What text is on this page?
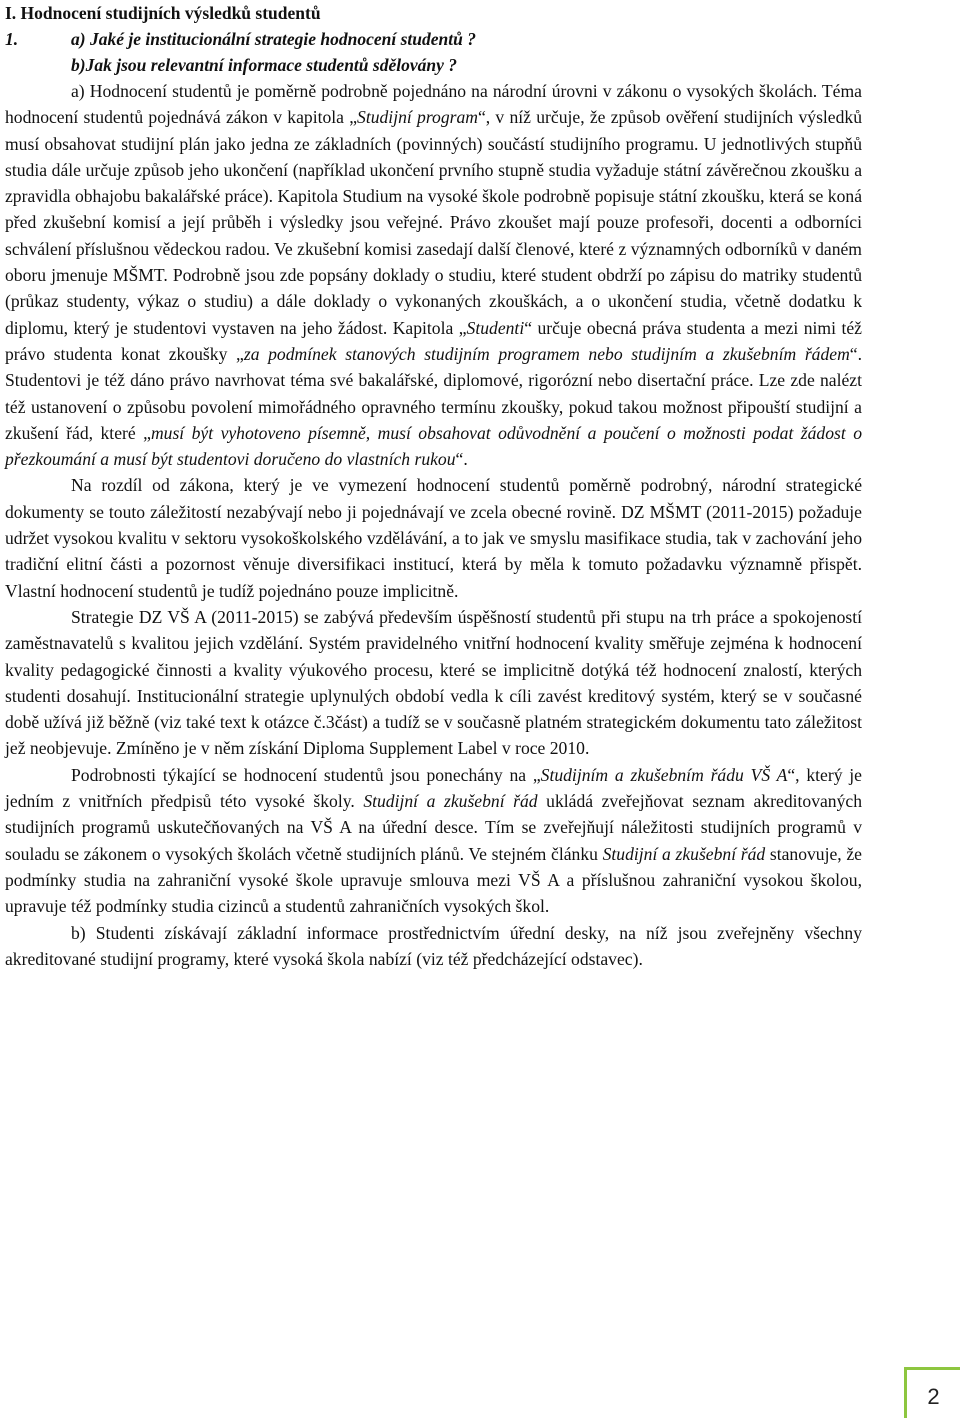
I. Hodnocení studijních výsledků studentů
1.	a) Jaké je institucionální strategie hodnocení studentů ?
b)Jak jsou relevantní informace studentů sdělovány ?

a) Hodnocení studentů je poměrně podrobně pojednáno na národní úrovni v zákonu o vysokých školách. Téma hodnocení studentů pojednává zákon v kapitola „Studijní program“, v níž určuje, že způsob ověření studijních výsledků musí obsahovat studijní plán jako jedna ze základních (povinných) součástí studijního programu. U jednotlivých stupňů studia dále určuje způsob jeho ukončení (například ukončení prvního stupně studia vyžaduje státní závěrečnou zkoušku a zpravidla obhajobu bakalářské práce). Kapitola Studium na vysoké škole podrobně popisuje státní zkoušku, která se koná před zkušební komisí a její průběh i výsledky jsou veřejné. Právo zkoušet mají pouze profesoři, docenti a odborníci schválení příslušnou vědeckou radou. Ve zkušební komisi zasedají další členové, které z významných odborníků v daném oboru jmenuje MŠMT. Podrobně jsou zde popsány doklady o studiu, které student obdrží po zápisu do matriky studentů (průkaz studenty, výkaz o studiu) a dále doklady o vykonaných zkouškách, a o ukončení studia, včetně dodatku k diplomu, který je studentovi vystaven na jeho žádost. Kapitola „Studenti“ určuje obecná práva studenta a mezi nimi též právo studenta konat zkoušky „za podmínek stanových studijním programem nebo studijním a zkušebním řádem“. Studentovi je též dáno právo navrhovat téma své bakalářské, diplomové, rigorózní nebo disertační práce. Lze zde nalézt též ustanovení o způsobu povolení mimořádného opravného termínu zkoušky, pokud takou možnost připouští studijní a zkušení řád, které „musí být vyhotoveno písemně, musí obsahovat odůvodnění a poučení o možnosti podat žádost o přezkoumání a musí být studentovi doručeno do vlastních rukou“.

Na rozdíl od zákona, který je ve vymezení hodnocení studentů poměrně podrobný, národní strategické dokumenty se touto záležitostí nezabývají nebo ji pojednávají ve zcela obecné rovině. DZ MŠMT (2011-2015) požaduje udržet vysokou kvalitu v sektoru vysokoškolského vzdělávání, a to jak ve smyslu masifikace studia, tak v zachování jeho tradiční elitní části a pozornost věnuje diversifikaci institucí, která by měla k tomuto požadavku významně přispět. Vlastní hodnocení studentů je tudíž pojednáno pouze implicitně.

Strategie DZ VŠ A (2011-2015) se zabývá především úspěšností studentů při stupu na trh práce a spokojeností zaměstnavatelů s kvalitou jejich vzdělání. Systém pravidelného vnitřní hodnocení kvality směřuje zejména k hodnocení kvality pedagogické činnosti a kvality výukového procesu, které se implicitně dotýká též hodnocení znalostí, kterých studenti dosahují. Institucionální strategie uplynulých období vedla k cíli zavést kreditový systém, který se v současné době užívá již běžně (viz také text k otázce č.3část) a tudíž se v současně platném strategickém dokumentu tato záležitost jež neobjevuje. Zmíněno je v něm získání Diploma Supplement Label v roce 2010.

Podrobnosti týkající se hodnocení studentů jsou ponechány na „Studijním a zkušebním řádu VŠ A“, který je jedním z vnitřních předpisů této vysoké školy. Studijní a zkušební řád ukládá zveřejňovat seznam akreditovaných studijních programů uskutečňovaných na VŠ A na úřední desce. Tím se zveřejňují náležitosti studijních programů v souladu se zákonem o vysokých školách včetně studijních plánů. Ve stejném článku Studijní a zkušební řád stanovuje, že podmínky studia na zahraniční vysoké škole upravuje smlouva mezi VŠ A a příslušnou zahraniční vysokou školou, upravuje též podmínky studia cizinců a studentů zahraničních vysokých škol.

b) Studenti získávají základní informace prostřednictvím úřední desky, na níž jsou zveřejněny všechny akreditované studijní programy, které vysoká škola nabízí (viz též předcházející odstavec).

2
